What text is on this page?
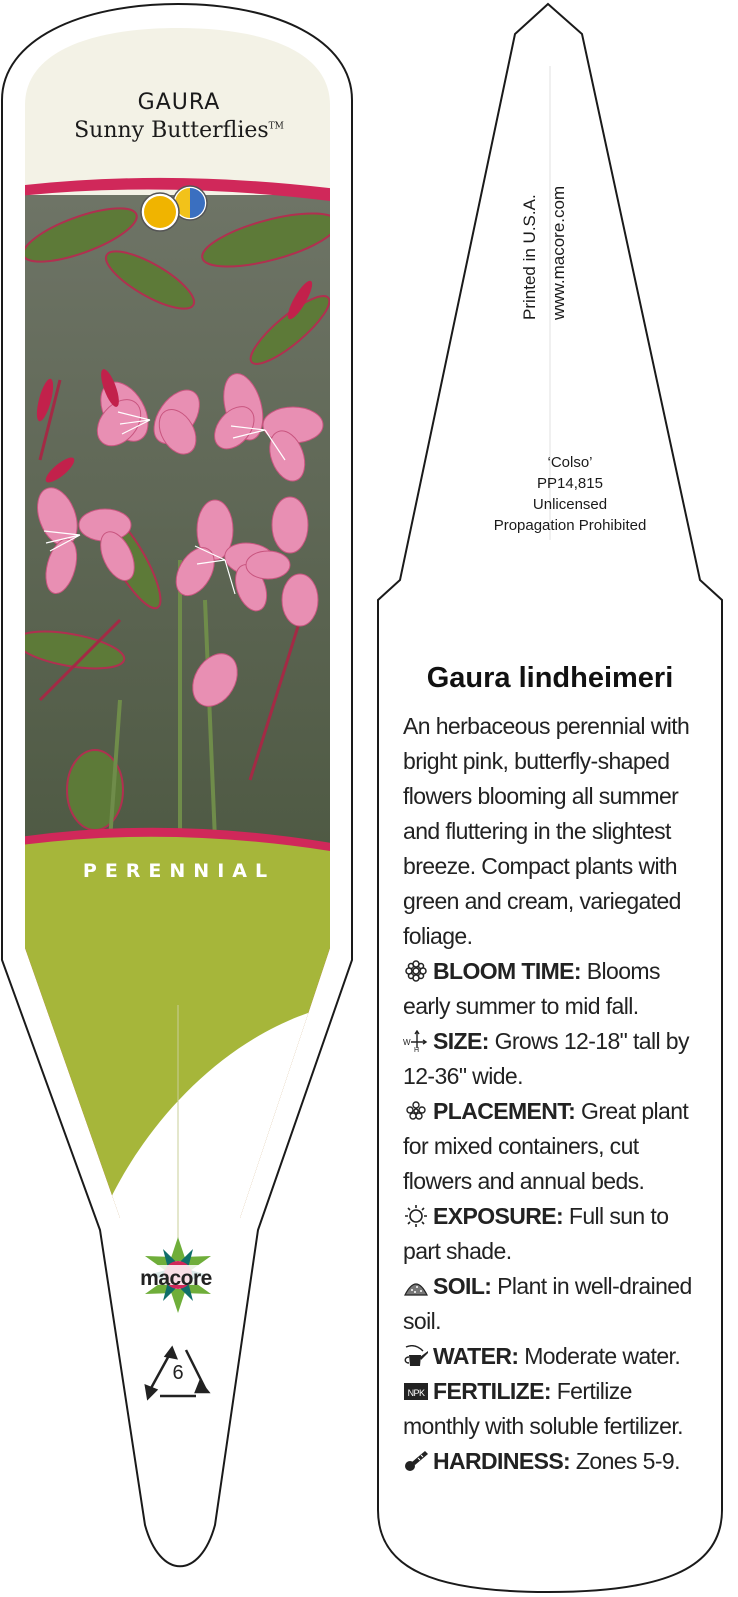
GAURA
Sunny Butterflies™
PERENNIAL
macore
6
Printed in U.S.A. www.macore.com
‘Colso’
PP14,815
Unlicensed
Propagation Prohibited
Gaura lindheimeri

An herbaceous perennial with bright pink, butterfly-shaped flowers blooming all summer and fluttering in the slightest breeze. Compact plants with green and cream, variegated foliage.

BLOOM TIME: Blooms early summer to mid fall.

W
H SIZE: Grows 12-18" tall by 12-36" wide.

PLACEMENT: Great plant for mixed containers, cut flowers and annual beds.

EXPOSURE: Full sun to part shade.

SOIL: Plant in well-drained soil.

WATER: Moderate water.

NPK FERTILIZE: Fertilize monthly with soluble fertilizer.

HARDINESS: Zones 5-9.
